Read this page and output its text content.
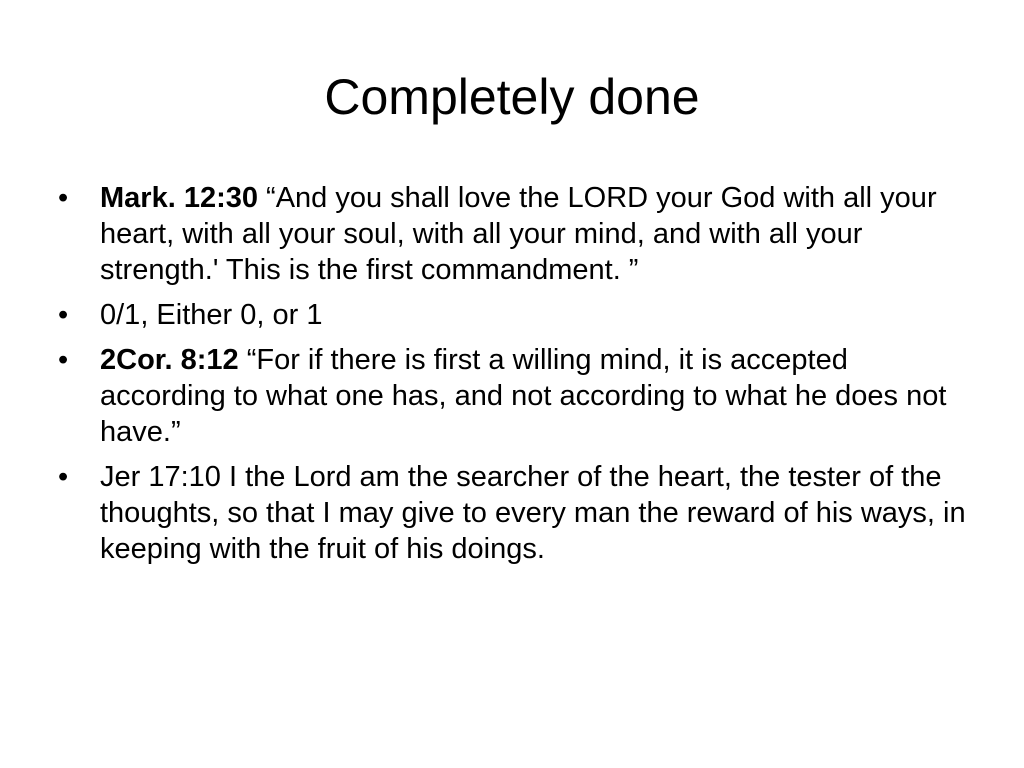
Completely done
•	Mark. 12:30 “And you shall love the LORD your God with all your heart, with all your soul, with all your mind, and with all your strength.' This is the first commandment. ”
•	0/1, Either 0, or 1
•	2Cor. 8:12 “For if there is first a willing mind, it is accepted according to what one has, and not according to what he does not have.”
•	Jer 17:10 I the Lord am the searcher of the heart, the tester of the thoughts, so that I may give to every man the reward of his ways, in keeping with the fruit of his doings.
